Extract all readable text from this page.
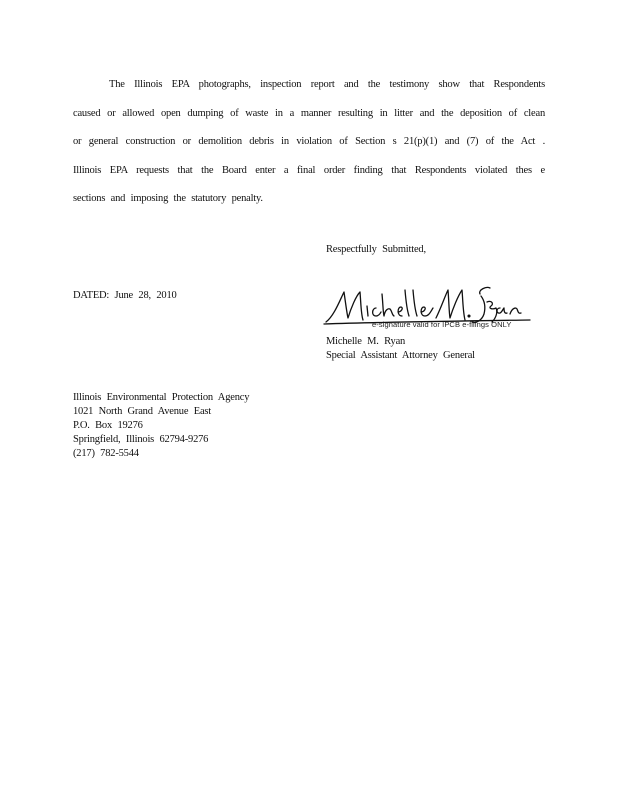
The Illinois EPA photographs, inspection report and the testimony show that Respondents
caused or allowed open dumping of waste in a manner resulting in litter and the deposition of clean
or general construction or demolition debris in violation of Section s 21(p)(1) and (7) of the Act .
Illinois EPA requests that the Board enter a final order finding that Respondents violated thes e
sections and imposing the statutory penalty.
Respectfully Submitted,
DATED: June 28, 2010
e-signature valid for IPCB e-filings ONLY
Michelle M. Ryan
Special Assistant Attorney General
Illinois Environmental Protection Agency
1021 North Grand Avenue East
P.O. Box 19276
Springfield, Illinois 62794-9276
(217) 782-5544
